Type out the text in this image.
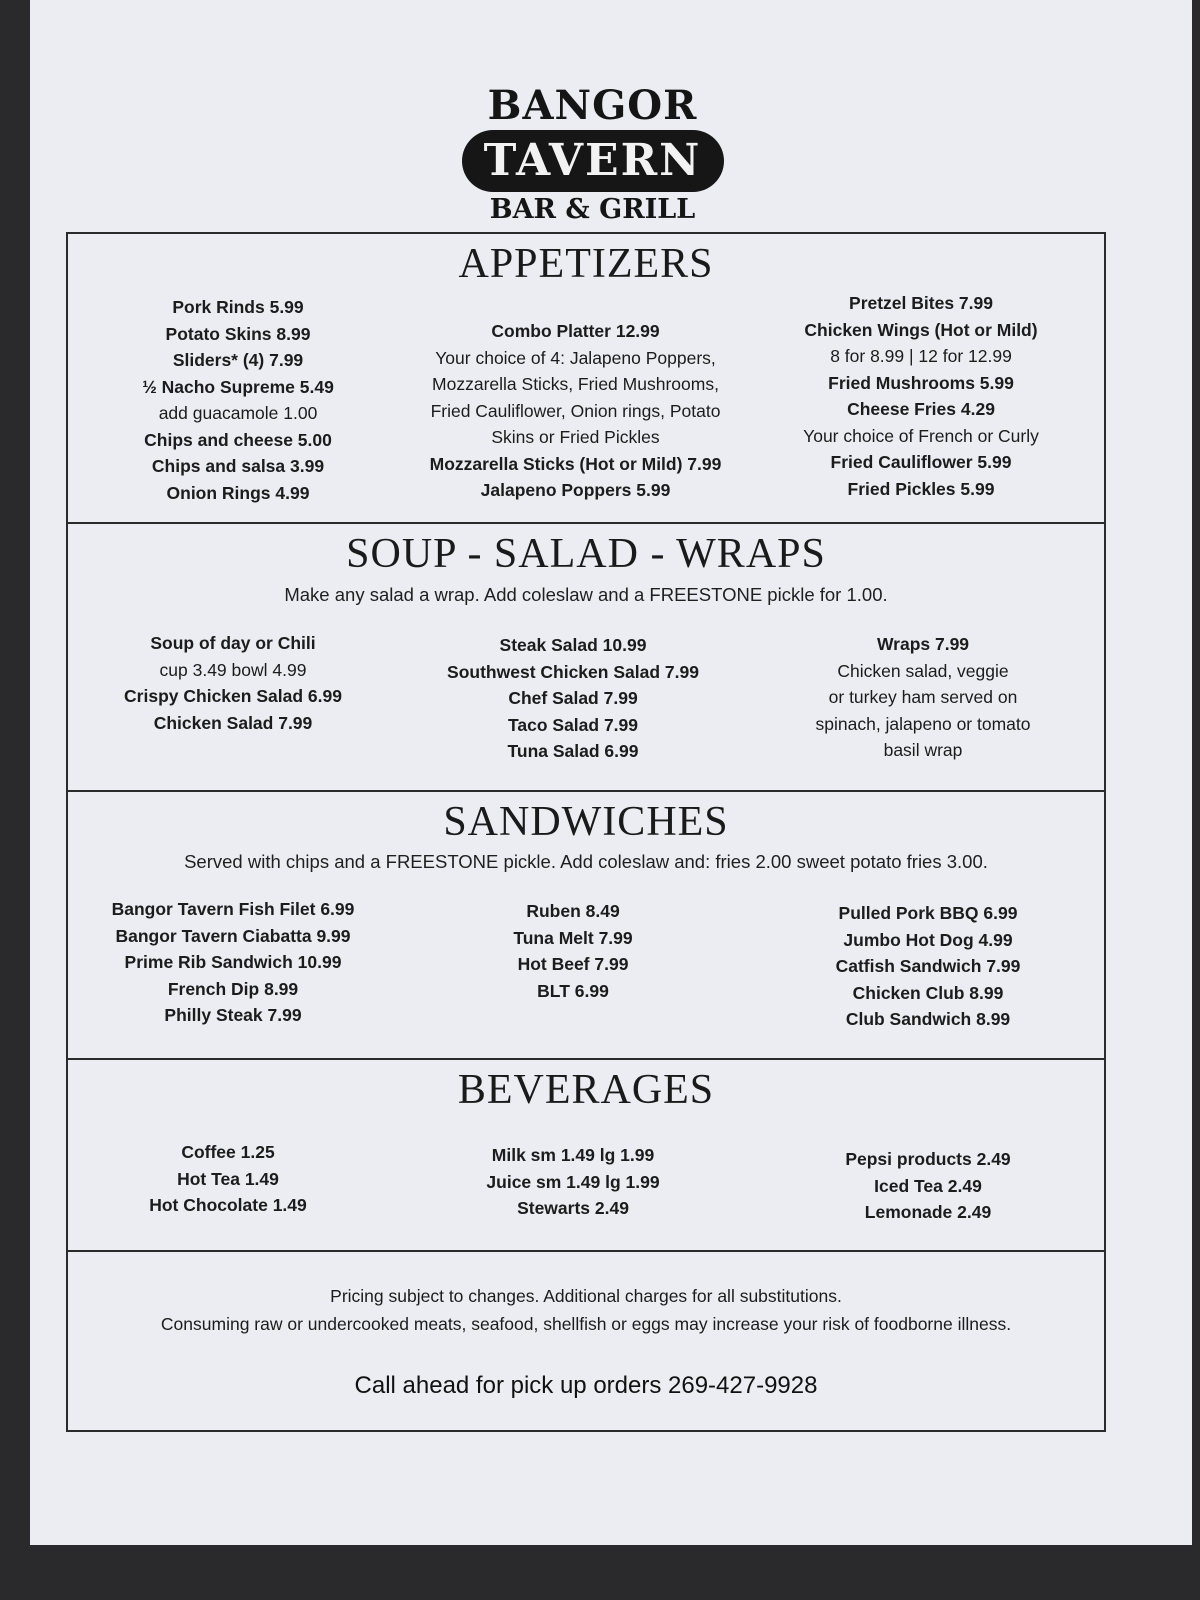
BANGOR
TAVERN
BAR & GRILL
APPETIZERS
Pork Rinds 5.99
Potato Skins 8.99
Sliders* (4) 7.99
½ Nacho Supreme 5.49
add guacamole 1.00
Chips and cheese 5.00
Chips and salsa 3.99
Onion Rings 4.99
Combo Platter 12.99
Your choice of 4: Jalapeno Poppers,
Mozzarella Sticks, Fried Mushrooms,
Fried Cauliflower, Onion rings, Potato
Skins or Fried Pickles
Mozzarella Sticks (Hot or Mild) 7.99
Jalapeno Poppers 5.99
Pretzel Bites 7.99
Chicken Wings (Hot or Mild)
8 for 8.99 | 12 for 12.99
Fried Mushrooms 5.99
Cheese Fries 4.29
Your choice of French or Curly
Fried Cauliflower 5.99
Fried Pickles 5.99
SOUP - SALAD - WRAPS
Make any salad a wrap. Add coleslaw and a FREESTONE pickle for 1.00.
Soup of day or Chili
cup 3.49 bowl 4.99
Crispy Chicken Salad 6.99
Chicken Salad 7.99
Steak Salad 10.99
Southwest Chicken Salad 7.99
Chef Salad 7.99
Taco Salad 7.99
Tuna Salad 6.99
Wraps 7.99
Chicken salad, veggie
or turkey ham served on
spinach, jalapeno or tomato
basil wrap
SANDWICHES
Served with chips and a FREESTONE pickle. Add coleslaw and: fries 2.00 sweet potato fries 3.00.
Bangor Tavern Fish Filet 6.99
Bangor Tavern Ciabatta 9.99
Prime Rib Sandwich 10.99
French Dip 8.99
Philly Steak 7.99
Ruben 8.49
Tuna Melt 7.99
Hot Beef 7.99
BLT 6.99
Pulled Pork BBQ 6.99
Jumbo Hot Dog 4.99
Catfish Sandwich 7.99
Chicken Club 8.99
Club Sandwich 8.99
BEVERAGES
Coffee 1.25
Hot Tea 1.49
Hot Chocolate 1.49
Milk sm 1.49 lg 1.99
Juice sm 1.49 lg 1.99
Stewarts 2.49
Pepsi products 2.49
Iced Tea 2.49
Lemonade 2.49
Pricing subject to changes. Additional charges for all substitutions.
Consuming raw or undercooked meats, seafood, shellfish or eggs may increase your risk of foodborne illness.
Call ahead for pick up orders 269-427-9928
